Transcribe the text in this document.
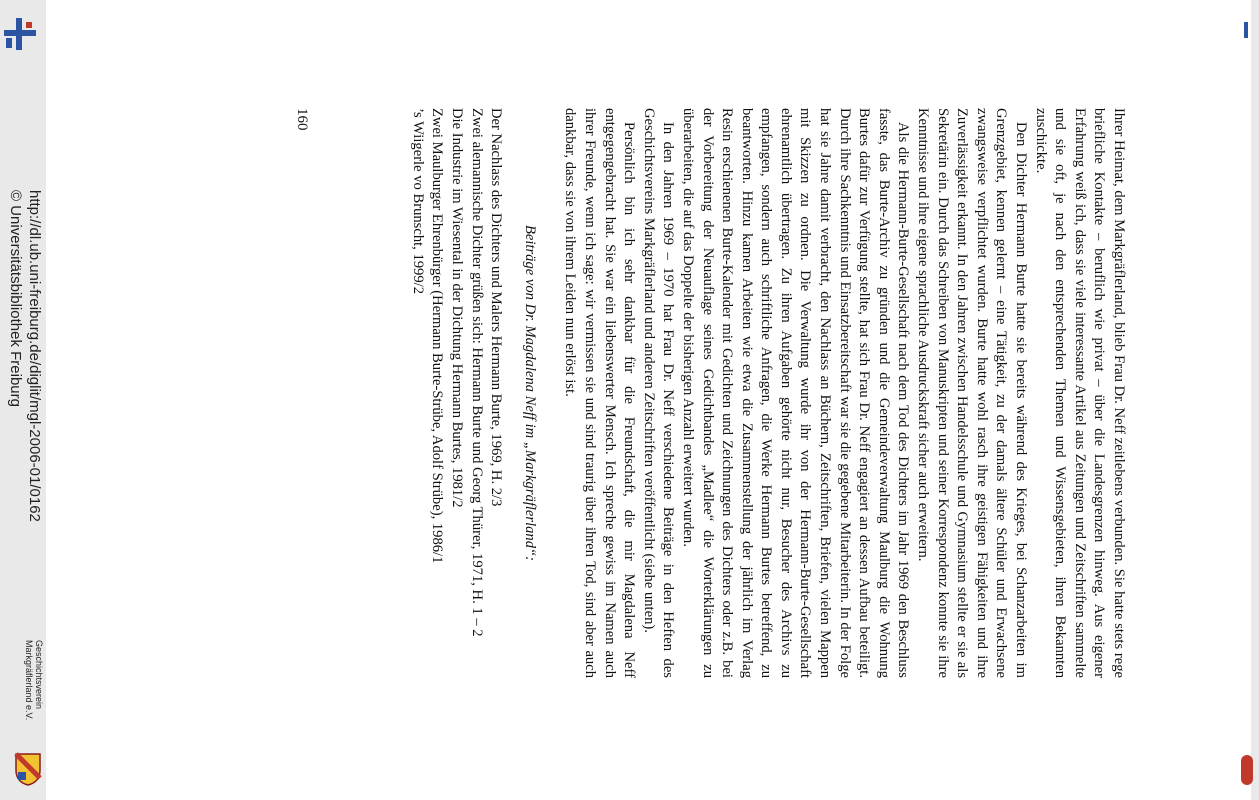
http://dl.ub.uni-freiburg.de/diglit/mgl-2006-01/0162
© Universitätsbibliothek Freiburg
Geschichtsverein
Markgräflerland e.V.

Ihrer Heimat, dem Markgräflerland, blieb Frau Dr. Neff zeitlebens verbunden. Sie hatte stets rege briefliche Kontakte – beruflich wie privat – über die Landesgrenzen hinweg. Aus eigener Erfahrung weiß ich, dass sie viele interessante Artikel aus Zeitungen und Zeitschriften sammelte und sie oft, je nach den entsprechenden Themen und Wissensgebieten, ihren Bekannten zuschickte.

Den Dichter Hermann Burte hatte sie bereits während des Krieges, bei Schanzarbeiten im Grenzgebiet, kennen gelernt – eine Tätigkeit, zu der damals ältere Schüler und Erwachsene zwangsweise verpflichtet wurden. Burte hatte wohl rasch ihre geistigen Fähigkeiten und ihre Zuverlässigkeit erkannt. In den Jahren zwischen Handelsschule und Gymnasium stellte er sie als Sekretärin ein. Durch das Schreiben von Manuskripten und seiner Korrespondenz konnte sie ihre Kenntnisse und ihre eigene sprachliche Ausdruckskraft sicher auch erweitern.

Als die Hermann-Burte-Gesellschaft nach dem Tod des Dichters im Jahr 1969 den Beschluss fasste, das Burte-Archiv zu gründen und die Gemeindeverwaltung Maulburg die Wohnung Burtes dafür zur Verfügung stellte, hat sich Frau Dr. Neff engagiert an dessen Aufbau beteiligt. Durch ihre Sachkenntnis und Einsatzbereitschaft war sie die gegebene Mitarbeiterin. In der Folge hat sie Jahre damit verbracht, den Nachlass an Büchern, Zeitschriften, Briefen, vielen Mappen mit Skizzen zu ordnen. Die Verwaltung wurde ihr von der Hermann-Burte-Gesellschaft ehrenamtlich übertragen. Zu ihren Aufgaben gehörte nicht nur, Besucher des Archivs zu empfangen, sondern auch schriftliche Anfragen, die Werke Hermann Burtes betreffend, zu beantworten. Hinzu kamen Arbeiten wie etwa die Zusammenstellung der jährlich im Verlag Resin erschienenen Burte-Kalender mit Gedichten und Zeichnungen des Dichters oder z.B. bei der Vorbereitung der Neuauflage seines Gedichtbandes „Madlee“ die Worterklärungen zu überarbeiten, die auf das Doppelte der bisherigen Anzahl erweitert wurden.

In den Jahren 1969 – 1970 hat Frau Dr. Neff verschiedene Beiträge in den Heften des Geschichtsvereins Markgräflerland und anderen Zeitschriften veröffentlicht (siehe unten).

Persönlich bin ich sehr dankbar für die Freundschaft, die mir Magdalena Neff entgegengebracht hat. Sie war ein liebenswerter Mensch. Ich spreche gewiss im Namen auch ihrer Freunde, wenn ich sage: wir vermissen sie und sind traurig über ihren Tod, sind aber auch dankbar, dass sie von ihrem Leiden nun erlöst ist.

Beiträge von Dr. Magdalena Neff im „Markgräflerland“:
Der Nachlass des Dichters und Malers Hermann Burte, 1969, H. 2/3
Zwei alemannische Dichter grüßen sich: Hermann Burte und Georg Thürer, 1971, H. 1 – 2
Die Industrie im Wiesental in der Dichtung Hermann Burtes, 1981/2
Zwei Maulburger Ehrenbürger (Hermann Burte-Strübe, Adolf Strübe), 1986/1
’s Wiigerle vo Brunscht, 1999/2
160
